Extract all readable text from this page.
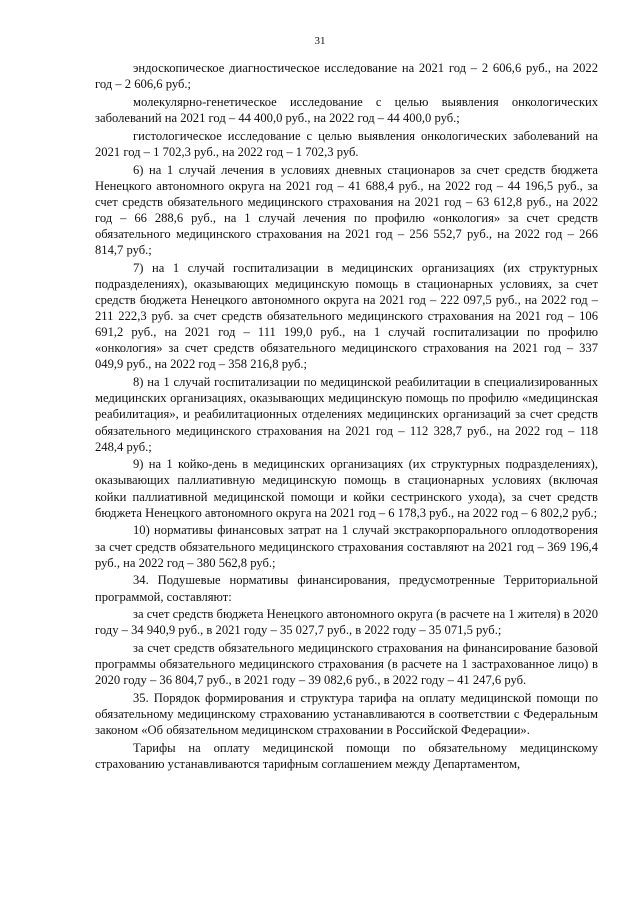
31

эндоскопическое диагностическое исследование на 2021 год – 2 606,6 руб., на 2022 год – 2 606,6 руб.;

молекулярно-генетическое исследование с целью выявления онкологических заболеваний на 2021 год – 44 400,0 руб., на 2022 год – 44 400,0 руб.;

гистологическое исследование с целью выявления онкологических заболеваний на 2021 год – 1 702,3 руб., на 2022 год – 1 702,3 руб.

6) на 1 случай лечения в условиях дневных стационаров за счет средств бюджета Ненецкого автономного округа на 2021 год – 41 688,4 руб., на 2022 год – 44 196,5 руб., за счет средств обязательного медицинского страхования на 2021 год – 63 612,8 руб., на 2022 год – 66 288,6 руб., на 1 случай лечения по профилю «онкология» за счет средств обязательного медицинского страхования на 2021 год – 256 552,7 руб., на 2022 год – 266 814,7 руб.;

7) на 1 случай госпитализации в медицинских организациях (их структурных подразделениях), оказывающих медицинскую помощь в стационарных условиях, за счет средств бюджета Ненецкого автономного округа на 2021 год – 222 097,5 руб., на 2022 год – 211 222,3 руб. за счет средств обязательного медицинского страхования на 2021 год – 106 691,2 руб., на 2021 год – 111 199,0 руб., на 1 случай госпитализации по профилю «онкология» за счет средств обязательного медицинского страхования на 2021 год – 337 049,9 руб., на 2022 год – 358 216,8 руб.;

8) на 1 случай госпитализации по медицинской реабилитации в специализированных медицинских организациях, оказывающих медицинскую помощь по профилю «медицинская реабилитация», и реабилитационных отделениях медицинских организаций за счет средств обязательного медицинского страхования на 2021 год – 112 328,7 руб., на 2022 год – 118 248,4 руб.;

9) на 1 койко-день в медицинских организациях (их структурных подразделениях), оказывающих паллиативную медицинскую помощь в стационарных условиях (включая койки паллиативной медицинской помощи и койки сестринского ухода), за счет средств бюджета Ненецкого автономного округа на 2021 год – 6 178,3 руб., на 2022 год – 6 802,2 руб.;

10) нормативы финансовых затрат на 1 случай экстракорпорального оплодотворения за счет средств обязательного медицинского страхования составляют на 2021 год – 369 196,4 руб., на 2022 год – 380 562,8 руб.;

34. Подушевые нормативы финансирования, предусмотренные Территориальной программой, составляют:

за счет средств бюджета Ненецкого автономного округа (в расчете на 1 жителя) в 2020 году – 34 940,9 руб., в 2021 году – 35 027,7 руб., в 2022 году – 35 071,5 руб.;

за счет средств обязательного медицинского страхования на финансирование базовой программы обязательного медицинского страхования (в расчете на 1 застрахованное лицо) в 2020 году – 36 804,7 руб., в 2021 году – 39 082,6 руб., в 2022 году – 41 247,6 руб.

35. Порядок формирования и структура тарифа на оплату медицинской помощи по обязательному медицинскому страхованию устанавливаются в соответствии с Федеральным законом «Об обязательном медицинском страховании в Российской Федерации».

Тарифы на оплату медицинской помощи по обязательному медицинскому страхованию устанавливаются тарифным соглашением между Департаментом,
